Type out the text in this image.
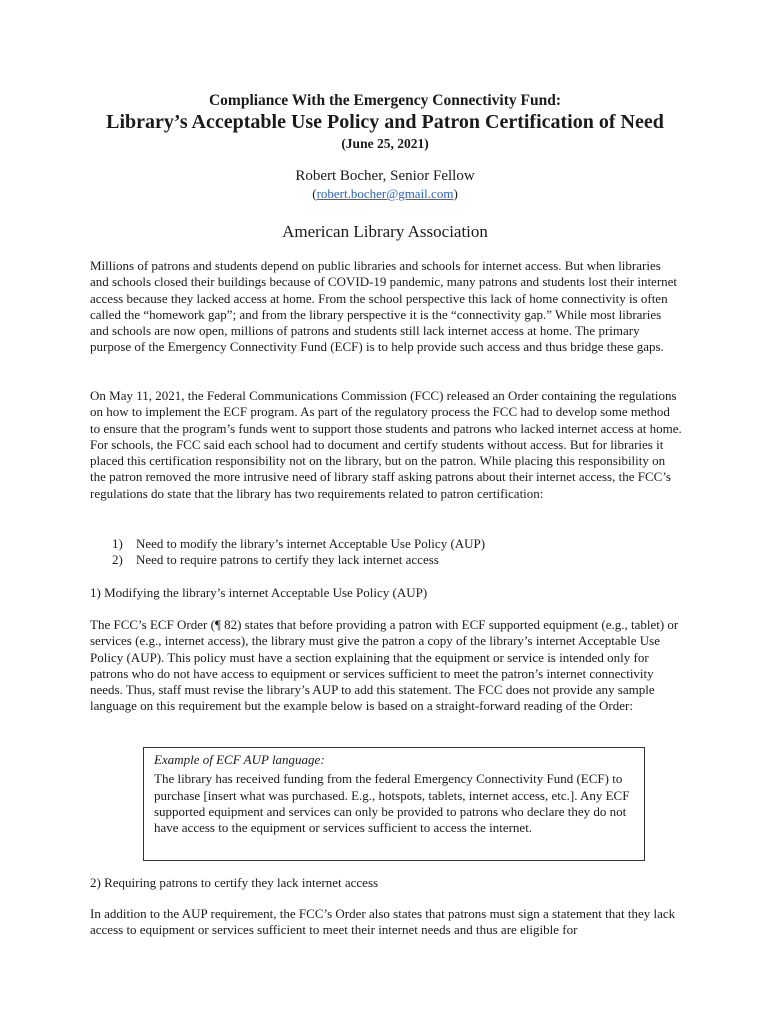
Compliance With the Emergency Connectivity Fund:
Library’s Acceptable Use Policy and Patron Certification of Need
(June 25, 2021)
Robert Bocher, Senior Fellow
(robert.bocher@gmail.com)
American Library Association

Millions of patrons and students depend on public libraries and schools for internet access. But when libraries and schools closed their buildings because of COVID-19 pandemic, many patrons and students lost their internet access because they lacked access at home. From the school perspective this lack of home connectivity is often called the “homework gap”; and from the library perspective it is the “connectivity gap.” While most libraries and schools are now open, millions of patrons and students still lack internet access at home. The primary purpose of the Emergency Connectivity Fund (ECF) is to help provide such access and thus bridge these gaps.

On May 11, 2021, the Federal Communications Commission (FCC) released an Order containing the regulations on how to implement the ECF program. As part of the regulatory process the FCC had to develop some method to ensure that the program’s funds went to support those students and patrons who lacked internet access at home. For schools, the FCC said each school had to document and certify students without access. But for libraries it placed this certification responsibility not on the library, but on the patron. While placing this responsibility on the patron removed the more intrusive need of library staff asking patrons about their internet access, the FCC’s regulations do state that the library has two requirements related to patron certification:

1)	Need to modify the library’s internet Acceptable Use Policy (AUP)
2)	Need to require patrons to certify they lack internet access
1) Modifying the library’s internet Acceptable Use Policy (AUP)

The FCC’s ECF Order (¶ 82) states that before providing a patron with ECF supported equipment (e.g., tablet) or services (e.g., internet access), the library must give the patron a copy of the library’s internet Acceptable Use Policy (AUP). This policy must have a section explaining that the equipment or service is intended only for patrons who do not have access to equipment or services sufficient to meet the patron’s internet connectivity needs. Thus, staff must revise the library’s AUP to add this statement. The FCC does not provide any sample language on this requirement but the example below is based on a straight-forward reading of the Order:

Example of ECF AUP language:

The library has received funding from the federal Emergency Connectivity Fund (ECF) to purchase [insert what was purchased. E.g., hotspots, tablets, internet access, etc.]. Any ECF supported equipment and services can only be provided to patrons who declare they do not have access to the equipment or services sufficient to access the internet.

2) Requiring patrons to certify they lack internet access

In addition to the AUP requirement, the FCC’s Order also states that patrons must sign a statement that they lack access to equipment or services sufficient to meet their internet needs and thus are eligible for
